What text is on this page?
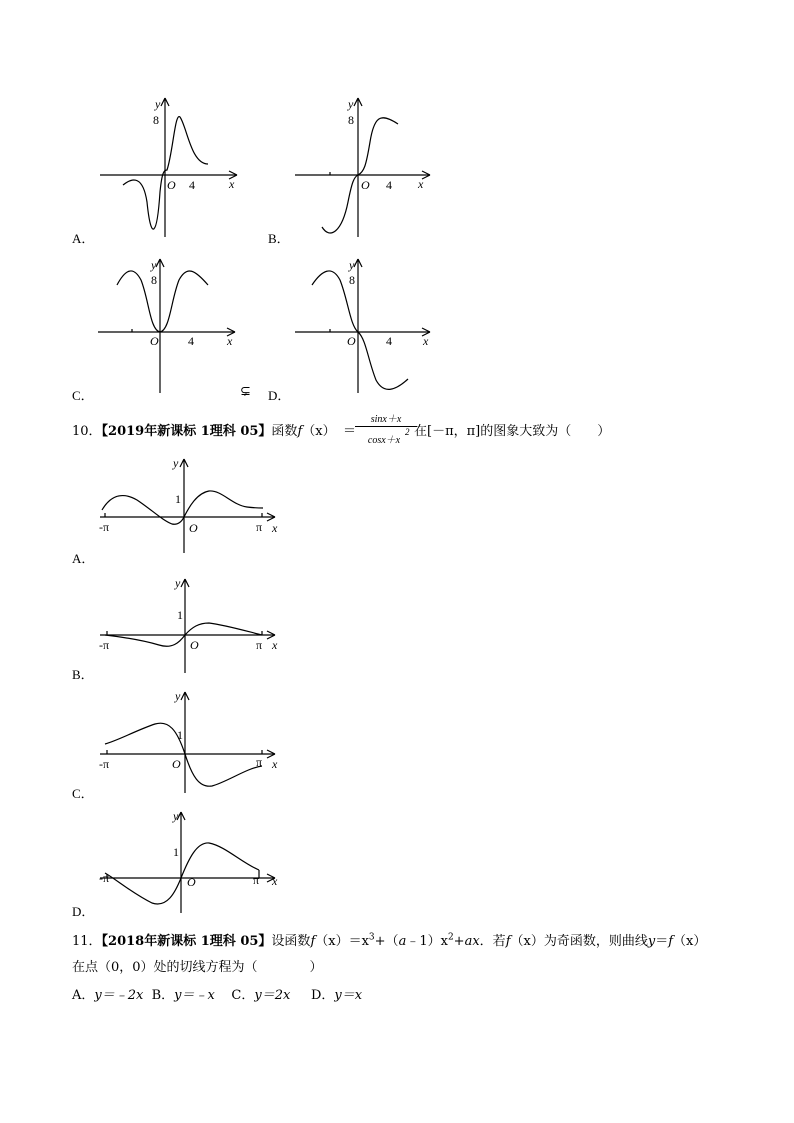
y
8
O 4	x
A．
y
8
O 4 x
B．
y
8
O 4	x
C．	⊊
y
8
O	4	x
D．
10．【2019年新课标 1理科 05】函数f（x） ＝
sinx＋x
cosx＋x
2 在[－π，π]的图象大致为（　　）
y
1
O
-π	π x
A．
y
1
O
-π	π x
B．
y
1
O
-π	π x
C．
y
1
O
-π	π x
D．
11．【2018年新课标 1理科 05】设函数$f(x)=x^3+(a﹣1)x^2+ax$．若f（x）为奇函数，则曲线y＝f（x）
在点（0，0）处的切线方程为（　　　　）
A．y＝﹣2x B．y＝﹣x C．y＝2x D．y＝x
